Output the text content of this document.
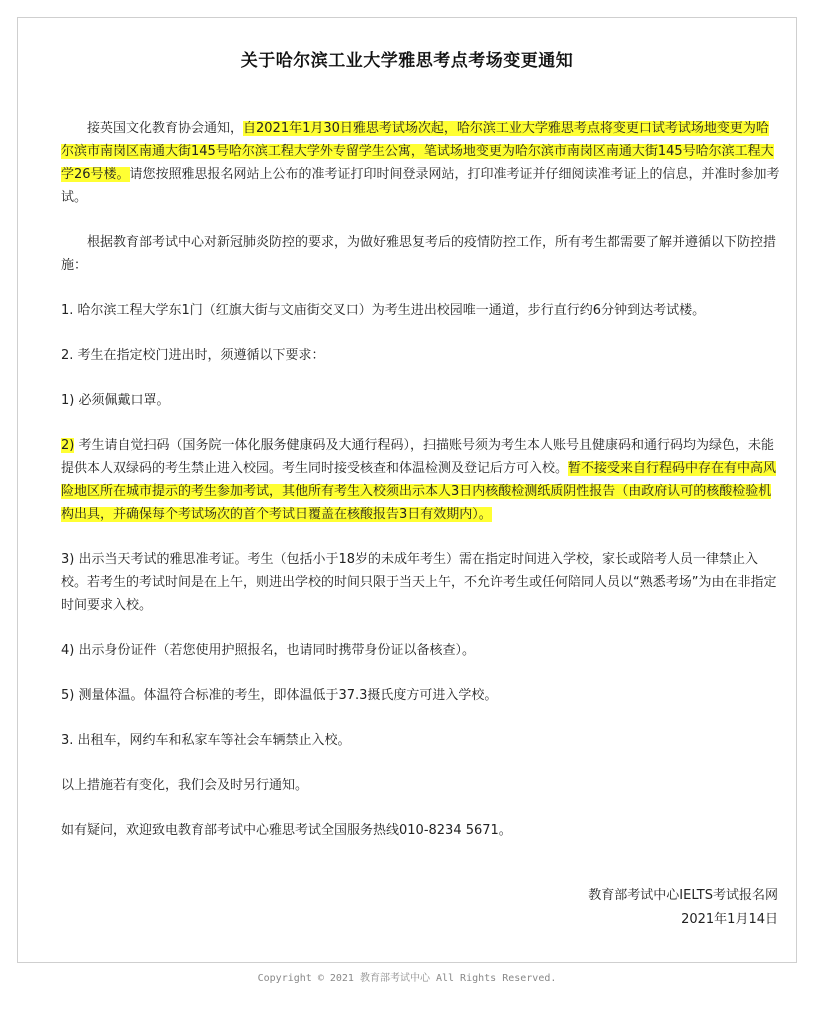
关于哈尔滨工业大学雅思考点考场变更通知

接英国文化教育协会通知，自2021年1月30日雅思考试场次起，哈尔滨工业大学雅思考点将变更口试考试场地变更为哈尔滨市南岗区南通大街145号哈尔滨工程大学外专留学生公寓，笔试场地变更为哈尔滨市南岗区南通大街145号哈尔滨工程大学26号楼。请您按照雅思报名网站上公布的准考证打印时间登录网站，打印准考证并仔细阅读准考证上的信息，并准时参加考试。

根据教育部考试中心对新冠肺炎防控的要求，为做好雅思复考后的疫情防控工作，所有考生都需要了解并遵循以下防控措施：

1. 哈尔滨工程大学东1门（红旗大街与文庙街交叉口）为考生进出校园唯一通道，步行直行约6分钟到达考试楼。

2. 考生在指定校门进出时，须遵循以下要求：

1) 必须佩戴口罩。

2) 考生请自觉扫码（国务院一体化服务健康码及大通行程码），扫描账号须为考生本人账号且健康码和通行码均为绿色，未能提供本人双绿码的考生禁止进入校园。考生同时接受核查和体温检测及登记后方可入校。暂不接受来自行程码中存在有中高风险地区所在城市提示的考生参加考试，其他所有考生入校须出示本人3日内核酸检测纸质阴性报告（由政府认可的核酸检验机构出具，并确保每个考试场次的首个考试日覆盖在核酸报告3日有效期内）。

3) 出示当天考试的雅思准考证。考生（包括小于18岁的未成年考生）需在指定时间进入学校，家长或陪考人员一律禁止入校。若考生的考试时间是在上午，则进出学校的时间只限于当天上午，不允许考生或任何陪同人员以“熟悉考场”为由在非指定时间要求入校。

4) 出示身份证件（若您使用护照报名，也请同时携带身份证以备核查）。

5) 测量体温。体温符合标准的考生，即体温低于37.3摄氏度方可进入学校。

3. 出租车，网约车和私家车等社会车辆禁止入校。

以上措施若有变化，我们会及时另行通知。

如有疑问，欢迎致电教育部考试中心雅思考试全国服务热线010-8234 5671。

教育部考试中心IELTS考试报名网
2021年1月14日
Copyright © 2021 教育部考试中心 All Rights Reserved.
